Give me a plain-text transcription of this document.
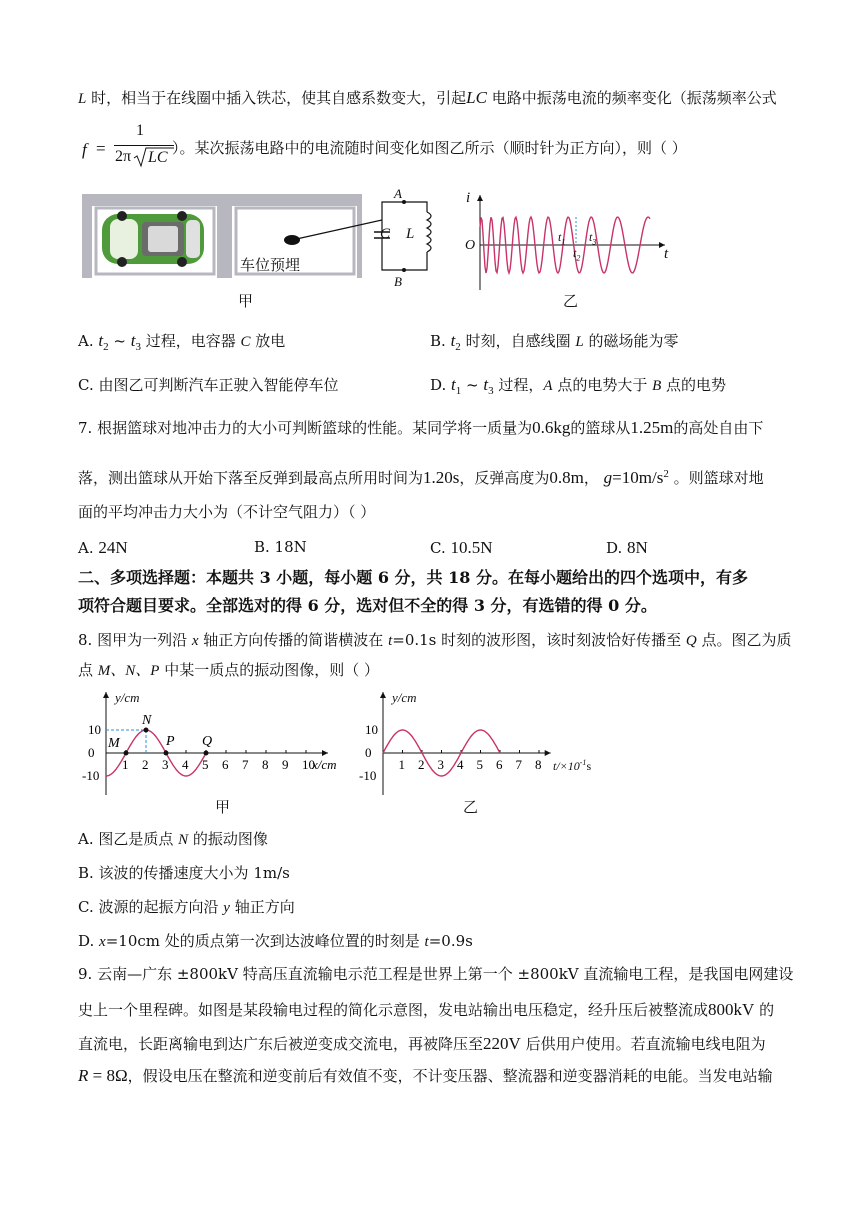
L 时，相当于在线圈中插入铁芯，使其自感系数变大，引起LC 电路中振荡电流的频率变化（振荡频率公式
f =
1
2π LC
）。某次振荡电路中的电流随时间变化如图乙所示（顺时针为正方向），则（ ）
车位预埋
C L
A
B
甲
i
O
t
$t_1$
$t_2$
$t_3$
乙
A. $t_2$ ~ $t_3$ 过程，电容器 C 放电	B. $t_2$ 时刻，自感线圈 L 的磁场能为零
C. 由图乙可判断汽车正驶入智能停车位	D. $t_1$ ~ $t_3$ 过程，A 点的电势大于 B 点的电势
7. 根据篮球对地冲击力的大小可判断篮球的性能。某同学将一质量为0.6kg的篮球从1.25m的高处自由下
落，测出篮球从开始下落至反弹到最高点所用时间为1.20s，反弹高度为0.8m， $g=10m/s^2$ 。则篮球对地
面的平均冲击力大小为（不计空气阻力）（ ）
A. 24N	B. 18N	C. 10.5N	D. 8N
二、多项选择题：本题共 3 小题，每小题 6 分，共 18 分。在每小题给出的四个选项中，有多
项符合题目要求。全部选对的得 6 分，选对但不全的得 3 分，有选错的得 0 分。
8. 图甲为一列沿 x 轴正方向传播的简谐横波在 t=0.1s 时刻的波形图，该时刻波恰好传播至 Q 点。图乙为质
点 M、N、P 中某一质点的振动图像，则（ ）
1 2 3 4 5 6 7 8 9 10
10
0
-10
M
N
P Q
x/cm
y/cm
甲
1 2 3 4 5 6 7 8
10
0
-10
y/cm
$t/\times 10^{-1}s$
乙
A. 图乙是质点 N 的振动图像
B. 该波的传播速度大小为 1m/s
C. 波源的起振方向沿 y 轴正方向
D. x=10cm 处的质点第一次到达波峰位置的时刻是 t=0.9s
9. 云南—广东 ±800kV 特高压直流输电示范工程是世界上第一个 ±800kV 直流输电工程，是我国电网建设
史上一个里程碑。如图是某段输电过程的简化示意图，发电站输出电压稳定，经升压后被整流成800kV 的
直流电，长距离输电到达广东后被逆变成交流电，再被降压至220V 后供用户使用。若直流输电线电阻为
R = 8Ω，假设电压在整流和逆变前后有效值不变，不计变压器、整流器和逆变器消耗的电能。当发电站输
